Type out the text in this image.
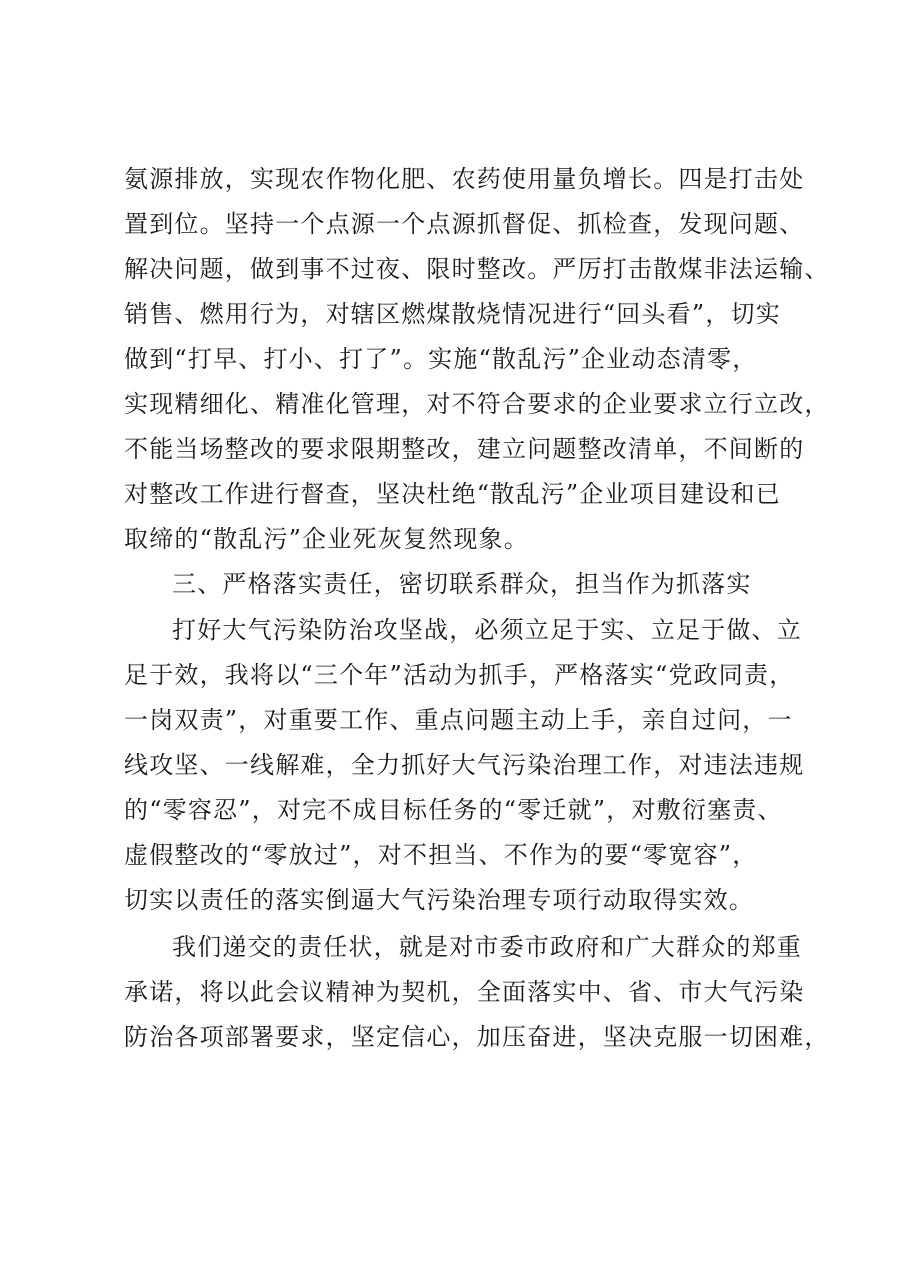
氨源排放，实现农作物化肥、农药使用量负增长。四是打击处
置到位。坚持一个点源一个点源抓督促、抓检查，发现问题、
解决问题，做到事不过夜、限时整改。严厉打击散煤非法运输、
销售、燃用行为，对辖区燃煤散烧情况进行“回头看”，切实
做到“打早、打小、打了”。实施“散乱污”企业动态清零，
实现精细化、精准化管理，对不符合要求的企业要求立行立改，
不能当场整改的要求限期整改，建立问题整改清单，不间断的
对整改工作进行督查，坚决杜绝“散乱污”企业项目建设和已
取缔的“散乱污”企业死灰复然现象。
三、严格落实责任，密切联系群众，担当作为抓落实
打好大气污染防治攻坚战，必须立足于实、立足于做、立
足于效，我将以“三个年”活动为抓手，严格落实“党政同责，
一岗双责”，对重要工作、重点问题主动上手，亲自过问，一
线攻坚、一线解难，全力抓好大气污染治理工作，对违法违规
的“零容忍”，对完不成目标任务的“零迁就”，对敷衍塞责、
虚假整改的“零放过”，对不担当、不作为的要“零宽容”，
切实以责任的落实倒逼大气污染治理专项行动取得实效。
我们递交的责任状，就是对市委市政府和广大群众的郑重
承诺，将以此会议精神为契机，全面落实中、省、市大气污染
防治各项部署要求，坚定信心，加压奋进，坚决克服一切困难，
